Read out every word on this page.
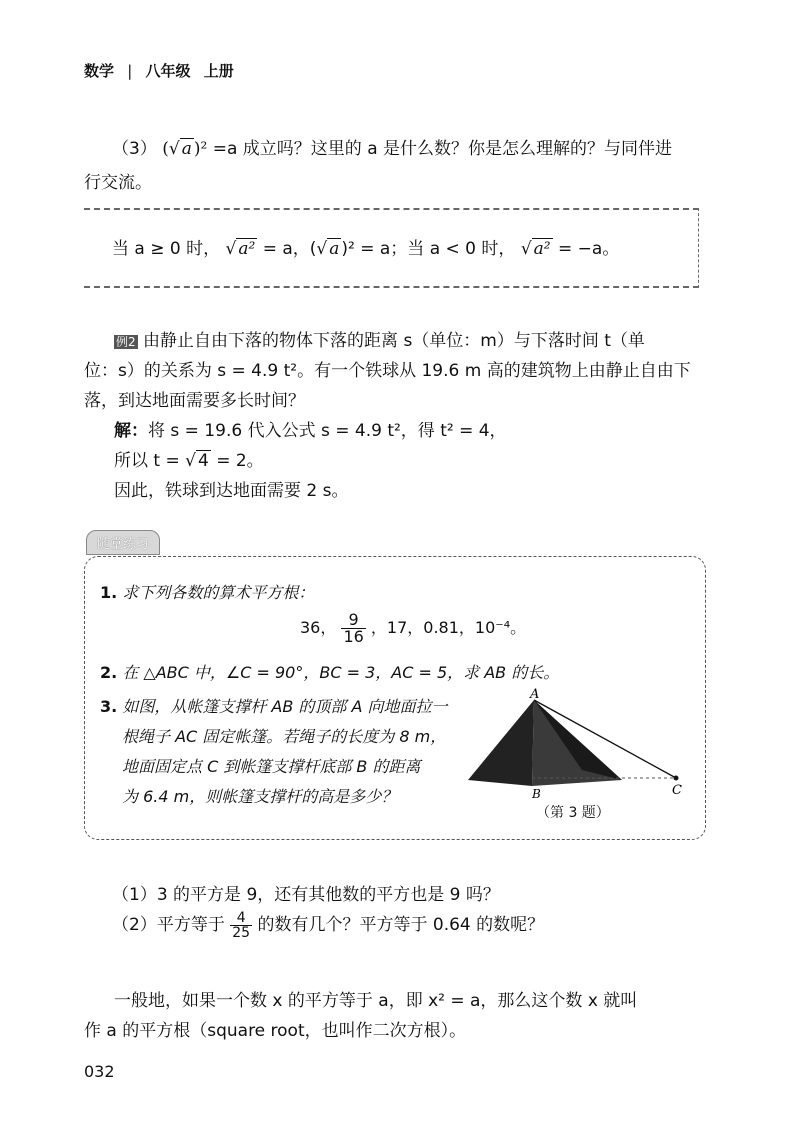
数学 | 八年级 上册
（3） (√ a )² =a 成立吗？这里的 a 是什么数？你是怎么理解的？与同伴进
行交流。
当 a ≥ 0 时， √ a² = a，(√ a )² = a；当 a < 0 时， √ a² = −a。
例2 由静止自由下落的物体下落的距离 s（单位：m）与下落时间 t（单
位：s）的关系为 s = 4.9 t²。有一个铁球从 19.6 m 高的建筑物上由静止自由下
落，到达地面需要多长时间？
解：将 s = 19.6 代入公式 s = 4.9 t²，得 t² = 4，
所以 t = √ 4 = 2。
因此，铁球到达地面需要 2 s。
随堂练习
1. 求下列各数的算术平方根：
36， $\frac{9}{16}$ ，17，0.81，10⁻⁴。
2. 在 △ABC 中，∠C = 90°，BC = 3，AC = 5，求 AB 的长。
3. 如图，从帐篷支撑杆 AB 的顶部 A 向地面拉一
根绳子 AC 固定帐篷。若绳子的长度为 8 m，
地面固定点 C 到帐篷支撑杆底部 B 的距离
为 6.4 m，则帐篷支撑杆的高是多少？
A
B	C
（第 3 题）
（1）3 的平方是 9，还有其他数的平方也是 9 吗？
（2）平方等于 $\frac{4}{25}$ 的数有几个？平方等于 0.64 的数呢？
一般地，如果一个数 x 的平方等于 a，即 x² = a，那么这个数 x 就叫
作 a 的平方根（square root，也叫作二次方根）。
032
